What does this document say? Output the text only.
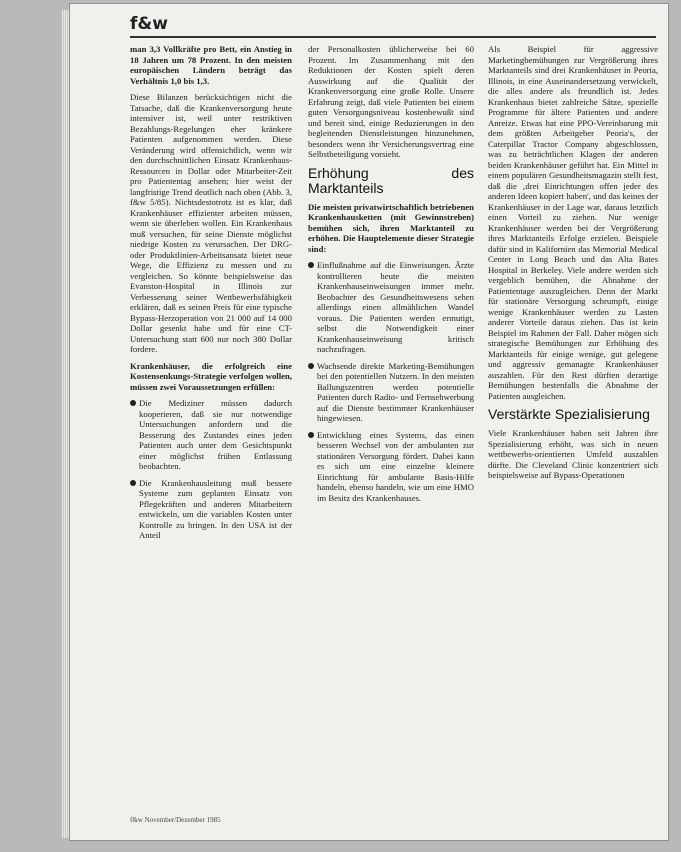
f&w

man 3,3 Vollkräfte pro Bett, ein Anstieg in 18 Jahren um 78 Prozent. In den meisten europäischen Ländern beträgt das Verhältnis 1,0 bis 1,3.

Diese Bilanzen berücksichtigen nicht die Tatsache, daß die Krankenversorgung heute intensiver ist, weil unter restriktiven Bezahlungs-Regelungen eher kränkere Patienten aufgenommen werden. Diese Veränderung wird offensichtlich, wenn wir den durchschnittlichen Einsatz Krankenhaus-Ressourcen in Dollar oder Mitarbeiter-Zeit pro Patiententag ansehen; hier weist der langfristige Trend deutlich nach oben (Abb. 3, f&w 5/85). Nichtsdestotrotz ist es klar, daß Krankenhäuser effizienter arbeiten müssen, wenn sie überleben wollen. Ein Krankenhaus muß versuchen, für seine Dienste möglichst niedrige Kosten zu verursachen. Der DRG- oder Produktlinien-Arbeitsansatz bietet neue Wege, die Effizienz zu messen und zu vergleichen. So könnte beispielsweise das Evanston-Hospital in Illinois zur Verbesserung seiner Wettbewerbsfähigkeit erklären, daß es seinen Preis für eine typische Bypass-Herzoperation von 21 000 auf 14 000 Dollar gesenkt habe und für eine CT-Untersuchung statt 600 nur noch 380 Dollar fordere.

Krankenhäuser, die erfolgreich eine Kostensenkungs-Strategie verfolgen wollen, müssen zwei Voraussetzungen erfüllen:

Die Mediziner müssen dadurch kooperieren, daß sie nur notwendige Untersuchungen anfordern und die Besserung des Zustandes eines jeden Patienten auch unter dem Gesichtspunkt einer möglichst frühen Entlassung beobachten.

Die Krankenhausleitung muß bessere Systeme zum geplanten Einsatz von Pflegekräften und anderen Mitarbeitern entwickeln, um die variablen Kosten unter Kontrolle zu bringen. In den USA ist der Anteil

der Personalkosten üblicherweise bei 60 Prozent. Im Zusammenhang mit den Reduktionen der Kosten spielt deren Auswirkung auf die Qualität der Krankenversorgung eine große Rolle. Unsere Erfahrung zeigt, daß viele Patienten bei einem guten Versorgungsniveau kostenbewußt sind und bereit sind, einige Reduzierungen in den begleitenden Dienstleistungen hinzunehmen, besonders wenn ihr Versicherungsvertrag eine Selbstbeteiligung vorsieht.

Erhöhung des Marktanteils

Die meisten privatwirtschaftlich betriebenen Krankenhausketten (mit Gewinnstreben) bemühen sich, ihren Marktanteil zu erhöhen. Die Hauptelemente dieser Strategie sind:

Einflußnahme auf die Einweisungen. Ärzte kontrollieren heute die meisten Krankenhauseinweisungen immer mehr. Beobachter des Gesundheitswesens sehen allerdings einen allmählichen Wandel voraus. Die Patienten werden ermutigt, selbst die Notwendigkeit einer Krankenhauseinweisung kritisch nachzufragen.

Wachsende direkte Marketing-Bemühungen bei den potentiellen Nutzern. In den meisten Ballungszentren werden potentielle Patienten durch Radio- und Fernsehwerbung auf die Dienste bestimmter Krankenhäuser hingewiesen.

Entwicklung eines Systems, das einen besseren Wechsel von der ambulanten zur stationären Versorgung fördert. Dabei kann es sich um eine einzelne kleinere Einrichtung für ambulante Basis-Hilfe handeln, ebenso handeln, wie um eine HMO im Besitz des Krankenhauses.

Als Beispiel für aggressive Marketingbemühungen zur Vergrößerung ihres Marktanteils sind drei Krankenhäuser in Peoria, Illinois, in eine Auseinandersetzung verwickelt, die alles andere als freundlich ist. Jedes Krankenhaus bietet zahlreiche Sätze, spezielle Programme für ältere Patienten und andere Anreize. Etwas hat eine PPO-Vereinbarung mit dem größten Arbeitgeber Peoria's, der Caterpillar Tractor Company abgeschlossen, was zu beträchtlichen Klagen der anderen beiden Krankenhäuser geführt hat. Ein Mittel in einem populären Gesundheitsmagazin stellt fest, daß die ‚drei Einrichtungen offen jeder des anderen Ideen kopiert haben', und das keines der Krankenhäuser in der Lage war, daraus letztlich einen Vorteil zu ziehen. Nur wenige Krankenhäuser werden bei der Vergrößerung ihres Marktanteils Erfolge erzielen. Beispiele dafür sind in Kalifornien das Memorial Medical Center in Long Beach und das Alta Bates Hospital in Berkeley. Viele andere werden sich vergeblich bemühen, die Abnahme der Patiententage auszugleichen. Denn der Markt für stationäre Versorgung schrumpft, einige wenige Krankenhäuser werden zu Lasten anderer Vorteile daraus ziehen. Das ist kein Beispiel im Rahmen der Fall. Daher mögen sich strategische Bemühungen zur Erhöhung des Marktanteils für einige wenige, gut gelegene und aggressiv gemanagte Krankenhäuser auszahlen. Für den Rest dürften derartige Bemühungen bestenfalls die Abnahme der Patienten ausgleichen.

Verstärkte Spezialisierung

Viele Krankenhäuser haben seit Jahren ihre Spezialisierung erhöht, was sich in neuen wettbewerbs-orientierten Umfeld auszahlen dürfte. Die Cleveland Clinic konzentriert sich beispielsweise auf Bypass-Operationen

f&w November/Dezember 1985
